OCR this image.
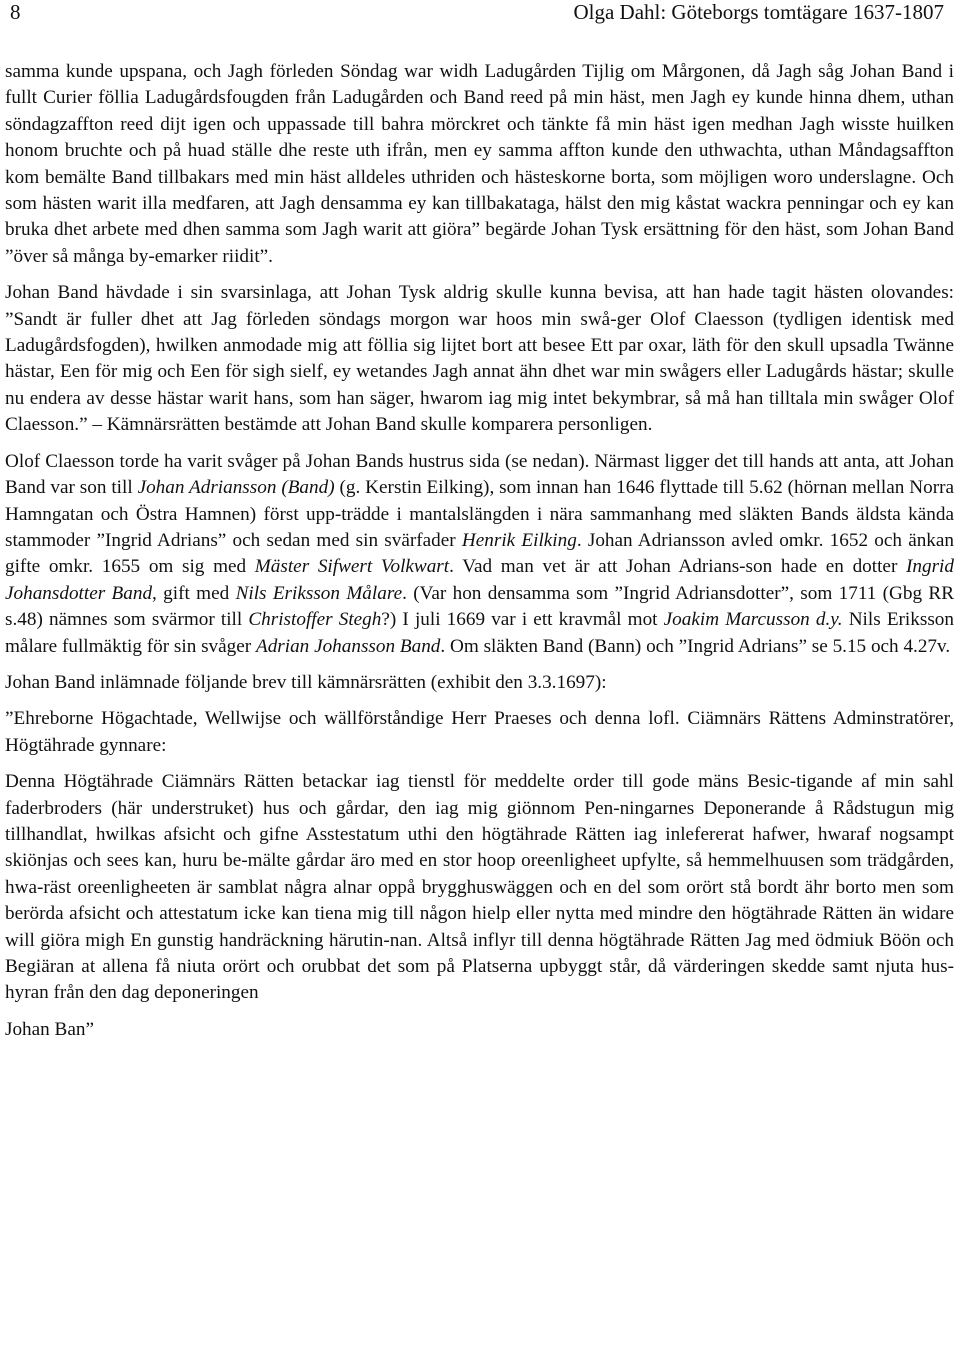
8	Olga Dahl: Göteborgs tomtägare 1637-1807

samma kunde upspana, och Jagh förleden Söndag war widh Ladugården Tijlig om Mårgonen, då Jagh såg Johan Band i fullt Curier föllia Ladugårdsfougden från Ladugården och Band reed på min häst, men Jagh ey kunde hinna dhem, uthan söndagzaffton reed dijt igen och uppassade till bahra mörckret och tänkte få min häst igen medhan Jagh wisste huilken honom bruchte och på huad ställe dhe reste uth ifrån, men ey samma affton kunde den uthwachta, uthan Måndagsaffton kom bemälte Band tillbakars med min häst alldeles uthriden och hästeskorne borta, som möjligen woro underslagne. Och som hästen warit illa medfaren, att Jagh densamma ey kan tillbakataga, hälst den mig kåstat wackra penningar och ey kan bruka dhet arbete med dhen samma som Jagh warit att giöra” begärde Johan Tysk ersättning för den häst, som Johan Band ”över så många by-emarker riidit”.

Johan Band hävdade i sin svarsinlaga, att Johan Tysk aldrig skulle kunna bevisa, att han hade tagit hästen olovandes: ”Sandt är fuller dhet att Jag förleden söndags morgon war hoos min swå-ger Olof Claesson (tydligen identisk med Ladugårdsfogden), hwilken anmodade mig att föllia sig lijtet bort att besee Ett par oxar, läth för den skull upsadla Twänne hästar, Een för mig och Een för sigh sielf, ey wetandes Jagh annat ähn dhet war min swågers eller Ladugårds hästar; skulle nu endera av desse hästar warit hans, som han säger, hwarom iag mig intet bekymbrar, så må han tilltala min swåger Olof Claesson.” – Kämnärsrätten bestämde att Johan Band skulle komparera personligen.

Olof Claesson torde ha varit svåger på Johan Bands hustrus sida (se nedan). Närmast ligger det till hands att anta, att Johan Band var son till Johan Adriansson (Band) (g. Kerstin Eilking), som innan han 1646 flyttade till 5.62 (hörnan mellan Norra Hamngatan och Östra Hamnen) först upp-trädde i mantalslängden i nära sammanhang med släkten Bands äldsta kända stammoder ”Ingrid Adrians” och sedan med sin svärfader Henrik Eilking. Johan Adriansson avled omkr. 1652 och änkan gifte omkr. 1655 om sig med Mäster Sifwert Volkwart. Vad man vet är att Johan Adrians-son hade en dotter Ingrid Johansdotter Band, gift med Nils Eriksson Målare. (Var hon densamma som ”Ingrid Adriansdotter”, som 1711 (Gbg RR s.48) nämnes som svärmor till Christoffer Stegh?) I juli 1669 var i ett kravmål mot Joakim Marcusson d.y. Nils Eriksson målare fullmäktig för sin svåger Adrian Johansson Band. Om släkten Band (Bann) och ”Ingrid Adrians” se 5.15 och 4.27v.

Johan Band inlämnade följande brev till kämnärsrätten (exhibit den 3.3.1697):

”Ehreborne Högachtade, Wellwijse och wällförståndige Herr Praeses och denna lofl. Ciämnärs Rättens Adminstratörer, Högtährade gynnare:

Denna Högtährade Ciämnärs Rätten betackar iag tienstl för meddelte order till gode mäns Besic-tigande af min sahl faderbroders (här understruket) hus och gårdar, den iag mig giönnom Pen-ningarnes Deponerande å Rådstugun mig tillhandlat, hwilkas afsicht och gifne Asstestatum uthi den högtährade Rätten iag inlefererat hafwer, hwaraf nogsampt skiönjas och sees kan, huru be-mälte gårdar äro med en stor hoop oreenligheet upfylte, så hemmelhuusen som trädgården, hwa-räst oreenligheeten är samblat några alnar oppå brygghuswäggen och en del som orört stå bordt ähr borto men som berörda afsicht och attestatum icke kan tiena mig till någon hielp eller nytta med mindre den högtährade Rätten än widare will giöra migh En gunstig handräckning härutin-nan. Altså inflyr till denna högtährade Rätten Jag med ödmiuk Böön och Begiäran at allena få niuta orört och orubbat det som på Platserna upbyggt står, då värderingen skedde samt njuta hus-hyran från den dag deponeringen

Johan Ban”
